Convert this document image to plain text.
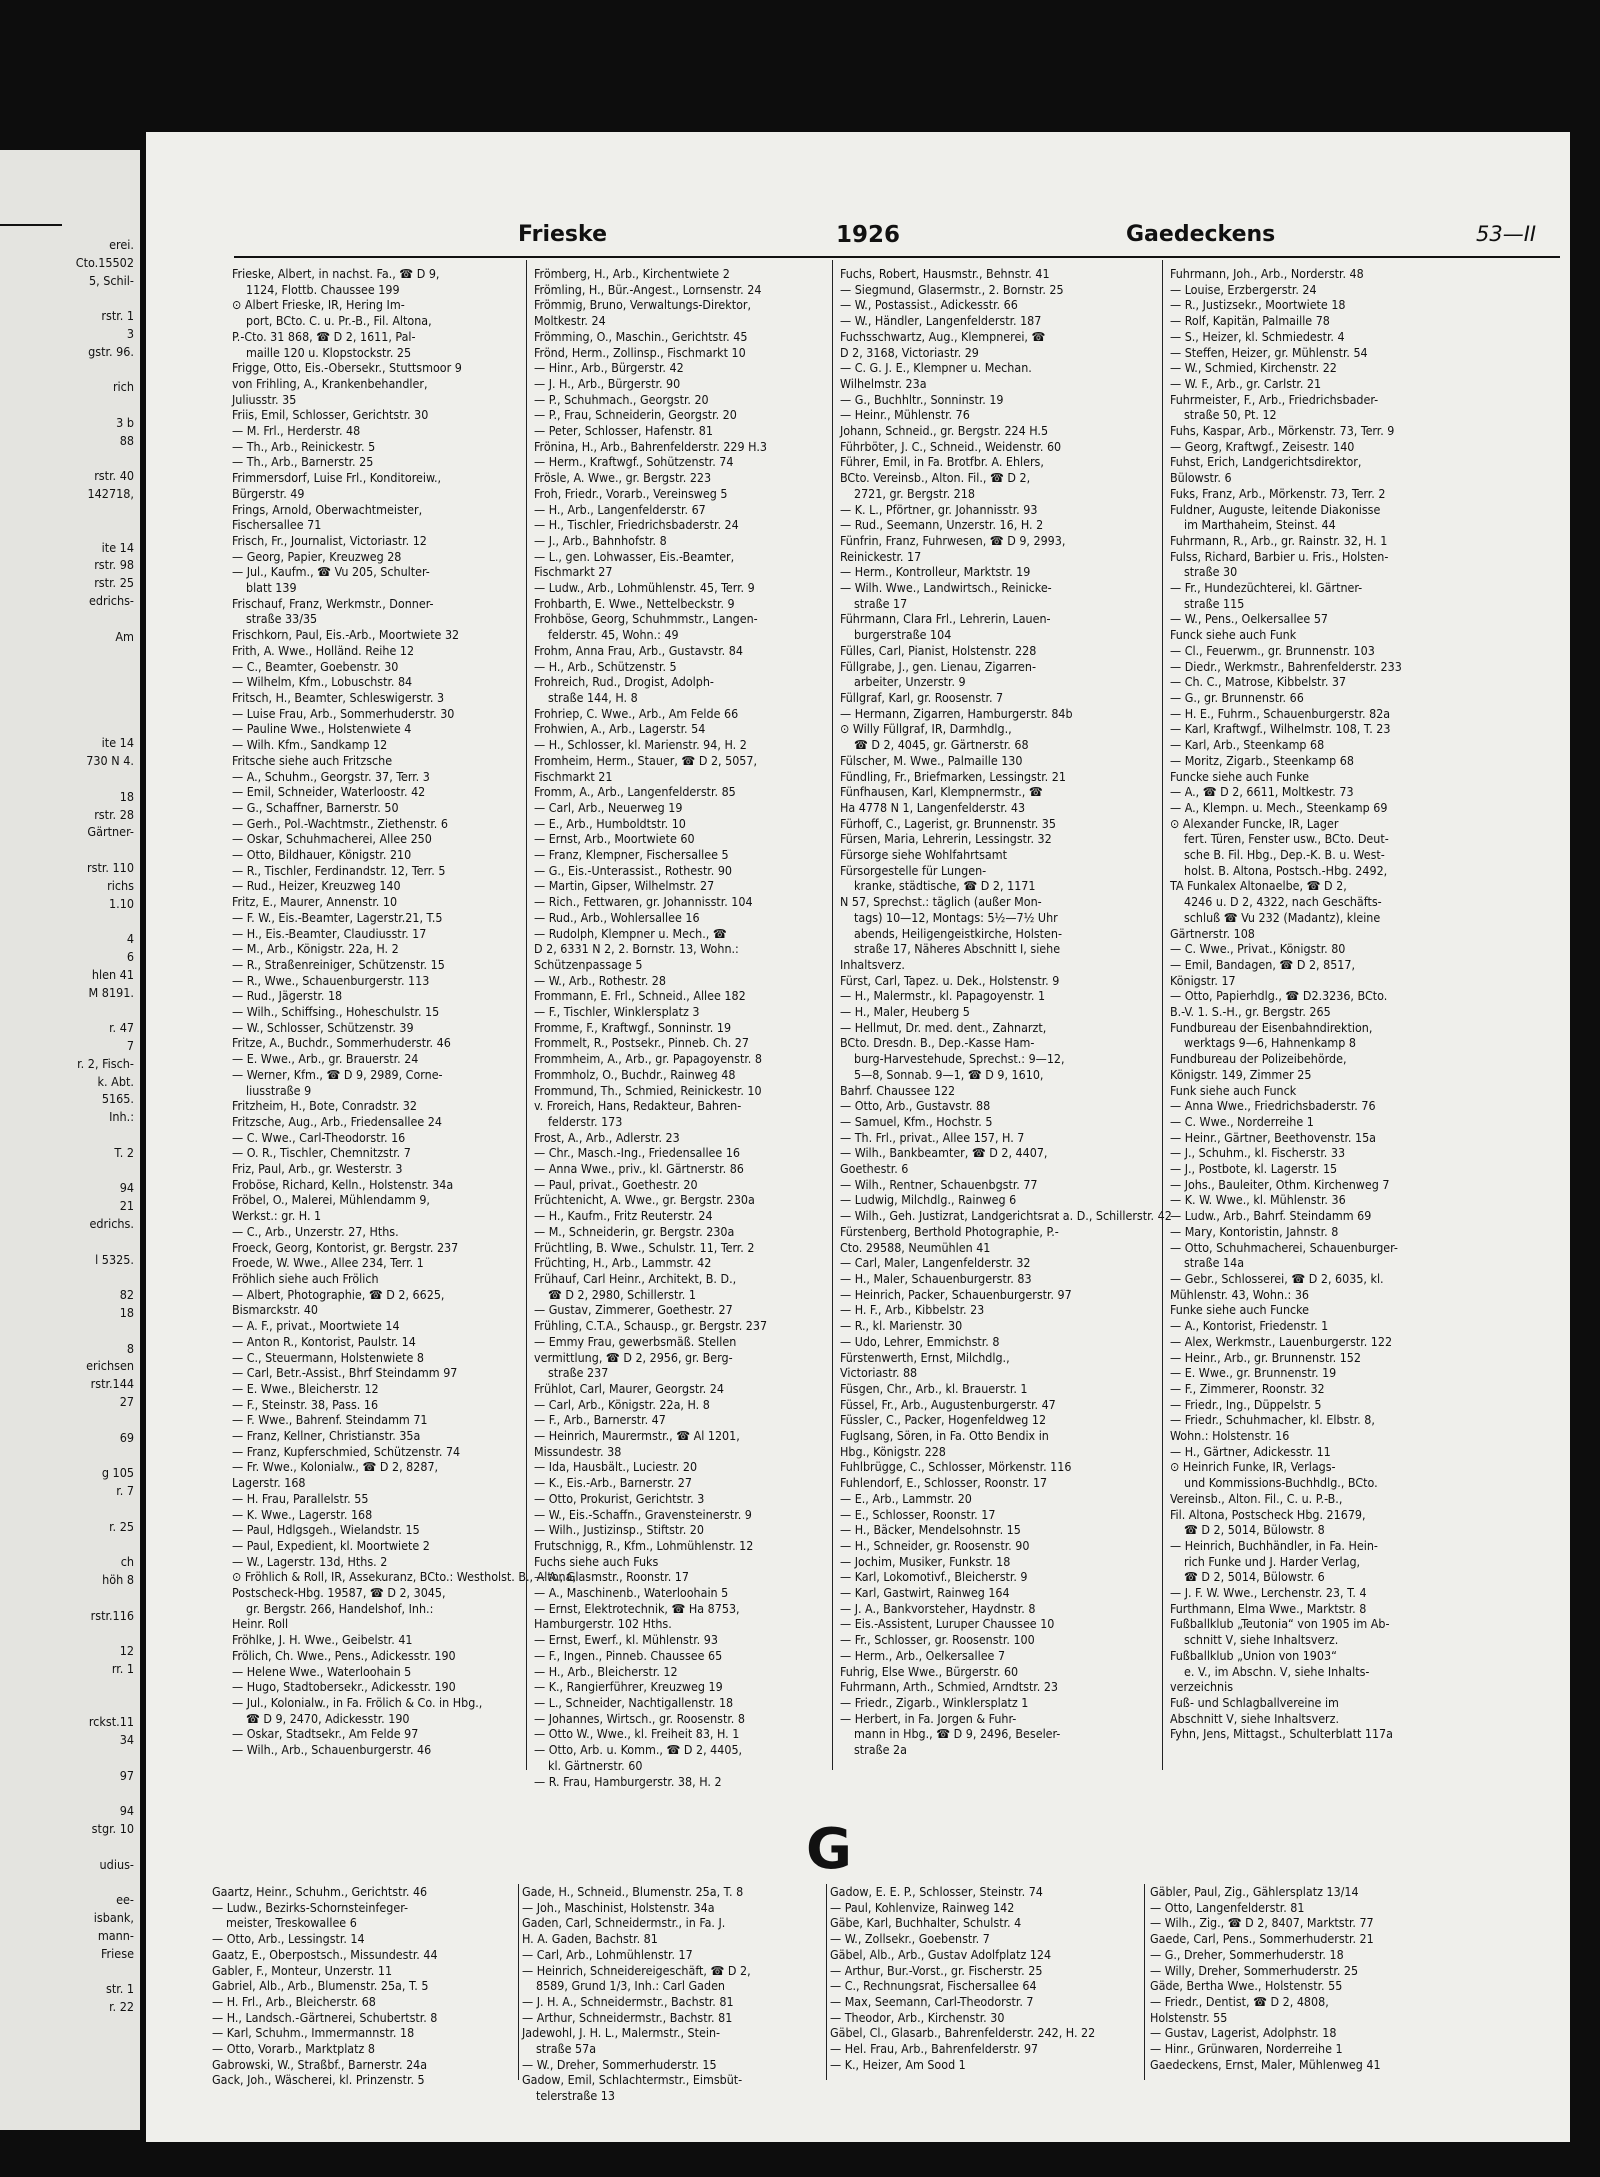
erei.
Cto.15502
5, Schil-
rstr. 1
3
gstr. 96.
rich
3 b
88
rstr. 40
142718,
ite 14
rstr. 98
rstr. 25
edrichs-
Am
ite 14
730 N 4.
18
rstr. 28
Gärtner-
rstr. 110
richs
1.10
4
6
hlen 41
M 8191.
r. 47
7
r. 2, Fisch-
k. Abt.
5165.
Inh.:
T. 2
94
21
edrichs.
l 5325.
82
18
8
erichsen
rstr.144
27
69
g 105
r. 7
r. 25
ch
höh 8
rstr.116
12
rr. 1
rckst.11
34
97
94
stgr. 10
udius-
ee-
isbank,
mann-
Friese
str. 1
r. 22
Frieske	1926	Gaedeckens	53—II
Frieske, Albert, in nachst. Fa., ☎ D 9,
1124, Flottb. Chaussee 199
⊙ Albert Frieske, IR, Hering Im-
port, BCto. C. u. Pr.-B., Fil. Altona,
P.-Cto. 31 868, ☎ D 2, 1611, Pal-
maille 120 u. Klopstockstr. 25
Frigge, Otto, Eis.-Obersekr., Stuttsmoor 9
von Frihling, A., Krankenbehandler,
Juliusstr. 35
Friis, Emil, Schlosser, Gerichtstr. 30
— M. Frl., Herderstr. 48
— Th., Arb., Reinickestr. 5
— Th., Arb., Barnerstr. 25
Frimmersdorf, Luise Frl., Konditoreiw.,
Bürgerstr. 49
Frings, Arnold, Oberwachtmeister,
Fischersallee 71
Frisch, Fr., Journalist, Victoriastr. 12
— Georg, Papier, Kreuzweg 28
— Jul., Kaufm., ☎ Vu 205, Schulter-
blatt 139
Frischauf, Franz, Werkmstr., Donner-
straße 33/35
Frischkorn, Paul, Eis.-Arb., Moortwiete 32
Frith, A. Wwe., Holländ. Reihe 12
— C., Beamter, Goebenstr. 30
— Wilhelm, Kfm., Lobuschstr. 84
Fritsch, H., Beamter, Schleswigerstr. 3
— Luise Frau, Arb., Sommerhuderstr. 30
— Pauline Wwe., Holstenwiete 4
— Wilh. Kfm., Sandkamp 12
Fritsche siehe auch Fritzsche
— A., Schuhm., Georgstr. 37, Terr. 3
— Emil, Schneider, Waterloostr. 42
— G., Schaffner, Barnerstr. 50
— Gerh., Pol.-Wachtmstr., Ziethenstr. 6
— Oskar, Schuhmacherei, Allee 250
— Otto, Bildhauer, Königstr. 210
— R., Tischler, Ferdinandstr. 12, Terr. 5
— Rud., Heizer, Kreuzweg 140
Fritz, E., Maurer, Annenstr. 10
— F. W., Eis.-Beamter, Lagerstr.21, T.5
— H., Eis.-Beamter, Claudiusstr. 17
— M., Arb., Königstr. 22a, H. 2
— R., Straßenreiniger, Schützenstr. 15
— R., Wwe., Schauenburgerstr. 113
— Rud., Jägerstr. 18
— Wilh., Schiffsing., Hoheschulstr. 15
— W., Schlosser, Schützenstr. 39
Fritze, A., Buchdr., Sommerhuderstr. 46
— E. Wwe., Arb., gr. Brauerstr. 24
— Werner, Kfm., ☎ D 9, 2989, Corne-
liusstraße 9
Fritzheim, H., Bote, Conradstr. 32
Fritzsche, Aug., Arb., Friedensallee 24
— C. Wwe., Carl-Theodorstr. 16
— O. R., Tischler, Chemnitzstr. 7
Friz, Paul, Arb., gr. Westerstr. 3
Froböse, Richard, Kelln., Holstenstr. 34a
Fröbel, O., Malerei, Mühlendamm 9,
Werkst.: gr. H. 1
— C., Arb., Unzerstr. 27, Hths.
Froeck, Georg, Kontorist, gr. Bergstr. 237
Froede, W. Wwe., Allee 234, Terr. 1
Fröhlich siehe auch Frölich
— Albert, Photographie, ☎ D 2, 6625,
Bismarckstr. 40
— A. F., privat., Moortwiete 14
— Anton R., Kontorist, Paulstr. 14
— C., Steuermann, Holstenwiete 8
— Carl, Betr.-Assist., Bhrf Steindamm 97
— E. Wwe., Bleicherstr. 12
— F., Steinstr. 38, Pass. 16
— F. Wwe., Bahrenf. Steindamm 71
— Franz, Kellner, Christianstr. 35a
— Franz, Kupferschmied, Schützenstr. 74
— Fr. Wwe., Kolonialw., ☎ D 2, 8287,
Lagerstr. 168
— H. Frau, Parallelstr. 55
— K. Wwe., Lagerstr. 168
— Paul, Hdlgsgeh., Wielandstr. 15
— Paul, Expedient, kl. Moortwiete 2
— W., Lagerstr. 13d, Hths. 2
⊙ Fröhlich & Roll, IR, Assekuranz, BCto.: Westholst. B., Altona,
Postscheck-Hbg. 19587, ☎ D 2, 3045,
gr. Bergstr. 266, Handelshof, Inh.:
Heinr. Roll
Fröhlke, J. H. Wwe., Geibelstr. 41
Frölich, Ch. Wwe., Pens., Adickesstr. 190
— Helene Wwe., Waterloohain 5
— Hugo, Stadtobersekr., Adickesstr. 190
— Jul., Kolonialw., in Fa. Frölich & Co. in Hbg.,
☎ D 9, 2470, Adickesstr. 190
— Oskar, Stadtsekr., Am Felde 97
— Wilh., Arb., Schauenburgerstr. 46
Frömberg, H., Arb., Kirchentwiete 2
Frömling, H., Bür.-Angest., Lornsenstr. 24
Frömmig, Bruno, Verwaltungs-Direktor,
Moltkestr. 24
Frömming, O., Maschin., Gerichtstr. 45
Frönd, Herm., Zollinsp., Fischmarkt 10
— Hinr., Arb., Bürgerstr. 42
— J. H., Arb., Bürgerstr. 90
— P., Schuhmach., Georgstr. 20
— P., Frau, Schneiderin, Georgstr. 20
— Peter, Schlosser, Hafenstr. 81
Frönina, H., Arb., Bahrenfelderstr. 229 H.3
— Herm., Kraftwgf., Sohützenstr. 74
Frösle, A. Wwe., gr. Bergstr. 223
Froh, Friedr., Vorarb., Vereinsweg 5
— H., Arb., Langenfelderstr. 67
— H., Tischler, Friedrichsbaderstr. 24
— J., Arb., Bahnhofstr. 8
— L., gen. Lohwasser, Eis.-Beamter,
Fischmarkt 27
— Ludw., Arb., Lohmühlenstr. 45, Terr. 9
Frohbarth, E. Wwe., Nettelbeckstr. 9
Frohböse, Georg, Schuhmmstr., Langen-
felderstr. 45, Wohn.: 49
Frohm, Anna Frau, Arb., Gustavstr. 84
— H., Arb., Schützenstr. 5
Frohreich, Rud., Drogist, Adolph-
straße 144, H. 8
Frohriep, C. Wwe., Arb., Am Felde 66
Frohwien, A., Arb., Lagerstr. 54
— H., Schlosser, kl. Marienstr. 94, H. 2
Fromheim, Herm., Stauer, ☎ D 2, 5057,
Fischmarkt 21
Fromm, A., Arb., Langenfelderstr. 85
— Carl, Arb., Neuerweg 19
— E., Arb., Humboldtstr. 10
— Ernst, Arb., Moortwiete 60
— Franz, Klempner, Fischersallee 5
— G., Eis.-Unterassist., Rothestr. 90
— Martin, Gipser, Wilhelmstr. 27
— Rich., Fettwaren, gr. Johannisstr. 104
— Rud., Arb., Wohlersallee 16
— Rudolph, Klempner u. Mech., ☎
D 2, 6331 N 2, 2. Bornstr. 13, Wohn.:
Schützenpassage 5
— W., Arb., Rothestr. 28
Frommann, E. Frl., Schneid., Allee 182
— F., Tischler, Winklersplatz 3
Fromme, F., Kraftwgf., Sonninstr. 19
Frommelt, R., Postsekr., Pinneb. Ch. 27
Frommheim, A., Arb., gr. Papagoyenstr. 8
Frommholz, O., Buchdr., Rainweg 48
Frommund, Th., Schmied, Reinickestr. 10
v. Froreich, Hans, Redakteur, Bahren-
felderstr. 173
Frost, A., Arb., Adlerstr. 23
— Chr., Masch.-Ing., Friedensallee 16
— Anna Wwe., priv., kl. Gärtnerstr. 86
— Paul, privat., Goethestr. 20
Früchtenicht, A. Wwe., gr. Bergstr. 230a
— H., Kaufm., Fritz Reuterstr. 24
— M., Schneiderin, gr. Bergstr. 230a
Früchtling, B. Wwe., Schulstr. 11, Terr. 2
Früchting, H., Arb., Lammstr. 42
Frühauf, Carl Heinr., Architekt, B. D.,
☎ D 2, 2980, Schillerstr. 1
— Gustav, Zimmerer, Goethestr. 27
Frühling, C.T.A., Schausp., gr. Bergstr. 237
— Emmy Frau, gewerbsmäß. Stellen
vermittlung, ☎ D 2, 2956, gr. Berg-
straße 237
Frühlot, Carl, Maurer, Georgstr. 24
— Carl, Arb., Königstr. 22a, H. 8
— F., Arb., Barnerstr. 47
— Heinrich, Maurermstr., ☎ Al 1201,
Missundestr. 38
— Ida, Hausbält., Luciestr. 20
— K., Eis.-Arb., Barnerstr. 27
— Otto, Prokurist, Gerichtstr. 3
— W., Eis.-Schaffn., Gravensteinerstr. 9
— Wilh., Justizinsp., Stiftstr. 20
Frutschnigg, R., Kfm., Lohmühlenstr. 12
Fuchs siehe auch Fuks
— A., Glasmstr., Roonstr. 17
— A., Maschinenb., Waterloohain 5
— Ernst, Elektrotechnik, ☎ Ha 8753,
Hamburgerstr. 102 Hths.
— Ernst, Ewerf., kl. Mühlenstr. 93
— F., Ingen., Pinneb. Chaussee 65
— H., Arb., Bleicherstr. 12
— K., Rangierführer, Kreuzweg 19
— L., Schneider, Nachtigallenstr. 18
— Johannes, Wirtsch., gr. Roosenstr. 8
— Otto W., Wwe., kl. Freiheit 83, H. 1
— Otto, Arb. u. Komm., ☎ D 2, 4405,
kl. Gärtnerstr. 60
— R. Frau, Hamburgerstr. 38, H. 2
Fuchs, Robert, Hausmstr., Behnstr. 41
— Siegmund, Glasermstr., 2. Bornstr. 25
— W., Postassist., Adickesstr. 66
— W., Händler, Langenfelderstr. 187
Fuchsschwartz, Aug., Klempnerei, ☎
D 2, 3168, Victoriastr. 29
— C. G. J. E., Klempner u. Mechan.
Wilhelmstr. 23a
— G., Buchhltr., Sonninstr. 19
— Heinr., Mühlenstr. 76
Johann, Schneid., gr. Bergstr. 224 H.5
Führböter, J. C., Schneid., Weidenstr. 60
Führer, Emil, in Fa. Brotfbr. A. Ehlers,
BCto. Vereinsb., Alton. Fil., ☎ D 2,
2721, gr. Bergstr. 218
— K. L., Pförtner, gr. Johannisstr. 93
— Rud., Seemann, Unzerstr. 16, H. 2
Fünfrin, Franz, Fuhrwesen, ☎ D 9, 2993,
Reinickestr. 17
— Herm., Kontrolleur, Marktstr. 19
— Wilh. Wwe., Landwirtsch., Reinicke-
straße 17
Führmann, Clara Frl., Lehrerin, Lauen-
burgerstraße 104
Fülles, Carl, Pianist, Holstenstr. 228
Füllgrabe, J., gen. Lienau, Zigarren-
arbeiter, Unzerstr. 9
Füllgraf, Karl, gr. Roosenstr. 7
— Hermann, Zigarren, Hamburgerstr. 84b
⊙ Willy Füllgraf, IR, Darmhdlg.,
☎ D 2, 4045, gr. Gärtnerstr. 68
Fülscher, M. Wwe., Palmaille 130
Fündling, Fr., Briefmarken, Lessingstr. 21
Fünfhausen, Karl, Klempnermstr., ☎
Ha 4778 N 1, Langenfelderstr. 43
Fürhoff, C., Lagerist, gr. Brunnenstr. 35
Fürsen, Maria, Lehrerin, Lessingstr. 32
Fürsorge siehe Wohlfahrtsamt
Fürsorgestelle für Lungen-
kranke, städtische, ☎ D 2, 1171
N 57, Sprechst.: täglich (außer Mon-
tags) 10—12, Montags: 5½—7½ Uhr
abends, Heiligengeistkirche, Holsten-
straße 17, Näheres Abschnitt I, siehe
Inhaltsverz.
Fürst, Carl, Tapez. u. Dek., Holstenstr. 9
— H., Malermstr., kl. Papagoyenstr. 1
— H., Maler, Heuberg 5
— Hellmut, Dr. med. dent., Zahnarzt,
BCto. Dresdn. B., Dep.-Kasse Ham-
burg-Harvestehude, Sprechst.: 9—12,
5—8, Sonnab. 9—1, ☎ D 9, 1610,
Bahrf. Chaussee 122
— Otto, Arb., Gustavstr. 88
— Samuel, Kfm., Hochstr. 5
— Th. Frl., privat., Allee 157, H. 7
— Wilh., Bankbeamter, ☎ D 2, 4407,
Goethestr. 6
— Wilh., Rentner, Schauenbgstr. 77
— Ludwig, Milchdlg., Rainweg 6
— Wilh., Geh. Justizrat, Landgerichtsrat a. D., Schillerstr. 42
Fürstenberg, Berthold Photographie, P.-
Cto. 29588, Neumühlen 41
— Carl, Maler, Langenfelderstr. 32
— H., Maler, Schauenburgerstr. 83
— Heinrich, Packer, Schauenburgerstr. 97
— H. F., Arb., Kibbelstr. 23
— R., kl. Marienstr. 30
— Udo, Lehrer, Emmichstr. 8
Fürstenwerth, Ernst, Milchdlg.,
Victoriastr. 88
Füsgen, Chr., Arb., kl. Brauerstr. 1
Füssel, Fr., Arb., Augustenburgerstr. 47
Füssler, C., Packer, Hogenfeldweg 12
Fuglsang, Sören, in Fa. Otto Bendix in
Hbg., Königstr. 228
Fuhlbrügge, C., Schlosser, Mörkenstr. 116
Fuhlendorf, E., Schlosser, Roonstr. 17
— E., Arb., Lammstr. 20
— E., Schlosser, Roonstr. 17
— H., Bäcker, Mendelsohnstr. 15
— H., Schneider, gr. Roosenstr. 90
— Jochim, Musiker, Funkstr. 18
— Karl, Lokomotivf., Bleicherstr. 9
— Karl, Gastwirt, Rainweg 164
— J. A., Bankvorsteher, Haydnstr. 8
— Eis.-Assistent, Luruper Chaussee 10
— Fr., Schlosser, gr. Roosenstr. 100
— Herm., Arb., Oelkersallee 7
Fuhrig, Else Wwe., Bürgerstr. 60
Fuhrmann, Arth., Schmied, Arndtstr. 23
— Friedr., Zigarb., Winklersplatz 1
— Herbert, in Fa. Jorgen & Fuhr-
mann in Hbg., ☎ D 9, 2496, Beseler-
straße 2a
Fuhrmann, Joh., Arb., Norderstr. 48
— Louise, Erzbergerstr. 24
— R., Justizsekr., Moortwiete 18
— Rolf, Kapitän, Palmaille 78
— S., Heizer, kl. Schmiedestr. 4
— Steffen, Heizer, gr. Mühlenstr. 54
— W., Schmied, Kirchenstr. 22
— W. F., Arb., gr. Carlstr. 21
Fuhrmeister, F., Arb., Friedrichsbader-
straße 50, Pt. 12
Fuhs, Kaspar, Arb., Mörkenstr. 73, Terr. 9
— Georg, Kraftwgf., Zeisestr. 140
Fuhst, Erich, Landgerichtsdirektor,
Bülowstr. 6
Fuks, Franz, Arb., Mörkenstr. 73, Terr. 2
Fuldner, Auguste, leitende Diakonisse
im Marthaheim, Steinst. 44
Fuhrmann, R., Arb., gr. Rainstr. 32, H. 1
Fulss, Richard, Barbier u. Fris., Holsten-
straße 30
— Fr., Hundezüchterei, kl. Gärtner-
straße 115
— W., Pens., Oelkersallee 57
Funck siehe auch Funk
— Cl., Feuerwm., gr. Brunnenstr. 103
— Diedr., Werkmstr., Bahrenfelderstr. 233
— Ch. C., Matrose, Kibbelstr. 37
— G., gr. Brunnenstr. 66
— H. E., Fuhrm., Schauenburgerstr. 82a
— Karl, Kraftwgf., Wilhelmstr. 108, T. 23
— Karl, Arb., Steenkamp 68
— Moritz, Zigarb., Steenkamp 68
Funcke siehe auch Funke
— A., ☎ D 2, 6611, Moltkestr. 73
— A., Klempn. u. Mech., Steenkamp 69
⊙ Alexander Funcke, IR, Lager
fert. Türen, Fenster usw., BCto. Deut-
sche B. Fil. Hbg., Dep.-K. B. u. West-
holst. B. Altona, Postsch.-Hbg. 2492,
TA Funkalex Altonaelbe, ☎ D 2,
4246 u. D 2, 4322, nach Geschäfts-
schluß ☎ Vu 232 (Madantz), kleine
Gärtnerstr. 108
— C. Wwe., Privat., Königstr. 80
— Emil, Bandagen, ☎ D 2, 8517,
Königstr. 17
— Otto, Papierhdlg., ☎ D2.3236, BCto.
B.-V. 1. S.-H., gr. Bergstr. 265
Fundbureau der Eisenbahndirektion,
werktags 9—6, Hahnenkamp 8
Fundbureau der Polizeibehörde,
Königstr. 149, Zimmer 25
Funk siehe auch Funck
— Anna Wwe., Friedrichsbaderstr. 76
— C. Wwe., Norderreihe 1
— Heinr., Gärtner, Beethovenstr. 15a
— J., Schuhm., kl. Fischerstr. 33
— J., Postbote, kl. Lagerstr. 15
— Johs., Bauleiter, Othm. Kirchenweg 7
— K. W. Wwe., kl. Mühlenstr. 36
— Ludw., Arb., Bahrf. Steindamm 69
— Mary, Kontoristin, Jahnstr. 8
— Otto, Schuhmacherei, Schauenburger-
straße 14a
— Gebr., Schlosserei, ☎ D 2, 6035, kl.
Mühlenstr. 43, Wohn.: 36
Funke siehe auch Funcke
— A., Kontorist, Friedenstr. 1
— Alex, Werkmstr., Lauenburgerstr. 122
— Heinr., Arb., gr. Brunnenstr. 152
— E. Wwe., gr. Brunnenstr. 19
— F., Zimmerer, Roonstr. 32
— Friedr., Ing., Düppelstr. 5
— Friedr., Schuhmacher, kl. Elbstr. 8,
Wohn.: Holstenstr. 16
— H., Gärtner, Adickesstr. 11
⊙ Heinrich Funke, IR, Verlags-
und Kommissions-Buchhdlg., BCto.
Vereinsb., Alton. Fil., C. u. P.-B.,
Fil. Altona, Postscheck Hbg. 21679,
☎ D 2, 5014, Bülowstr. 8
— Heinrich, Buchhändler, in Fa. Hein-
rich Funke und J. Harder Verlag,
☎ D 2, 5014, Bülowstr. 6
— J. F. W. Wwe., Lerchenstr. 23, T. 4
Furthmann, Elma Wwe., Marktstr. 8
Fußballklub „Teutonia“ von 1905 im Ab-
schnitt V, siehe Inhaltsverz.
Fußballklub „Union von 1903“
e. V., im Abschn. V, siehe Inhalts-
verzeichnis
Fuß- und Schlagballvereine im
Abschnitt V, siehe Inhaltsverz.
Fyhn, Jens, Mittagst., Schulterblatt 117a
G
Gaartz, Heinr., Schuhm., Gerichtstr. 46
— Ludw., Bezirks-Schornsteinfeger-
meister, Treskowallee 6
— Otto, Arb., Lessingstr. 14
Gaatz, E., Oberpostsch., Missundestr. 44
Gabler, F., Monteur, Unzerstr. 11
Gabriel, Alb., Arb., Blumenstr. 25a, T. 5
— H. Frl., Arb., Bleicherstr. 68
— H., Landsch.-Gärtnerei, Schubertstr. 8
— Karl, Schuhm., Immermannstr. 18
— Otto, Vorarb., Marktplatz 8
Gabrowski, W., Straßbf., Barnerstr. 24a
Gack, Joh., Wäscherei, kl. Prinzenstr. 5
Gade, H., Schneid., Blumenstr. 25a, T. 8
— Joh., Maschinist, Holstenstr. 34a
Gaden, Carl, Schneidermstr., in Fa. J.
H. A. Gaden, Bachstr. 81
— Carl, Arb., Lohmühlenstr. 17
— Heinrich, Schneidereigeschäft, ☎ D 2,
8589, Grund 1/3, Inh.: Carl Gaden
— J. H. A., Schneidermstr., Bachstr. 81
— Arthur, Schneidermstr., Bachstr. 81
Jadewohl, J. H. L., Malermstr., Stein-
straße 57a
— W., Dreher, Sommerhuderstr. 15
Gadow, Emil, Schlachtermstr., Eimsbüt-
telerstraße 13
Gadow, E. E. P., Schlosser, Steinstr. 74
— Paul, Kohlenvize, Rainweg 142
Gäbe, Karl, Buchhalter, Schulstr. 4
— W., Zollsekr., Goebenstr. 7
Gäbel, Alb., Arb., Gustav Adolfplatz 124
— Arthur, Bur.-Vorst., gr. Fischerstr. 25
— C., Rechnungsrat, Fischersallee 64
— Max, Seemann, Carl-Theodorstr. 7
— Theodor, Arb., Kirchenstr. 30
Gäbel, Cl., Glasarb., Bahrenfelderstr. 242, H. 22
— Hel. Frau, Arb., Bahrenfelderstr. 97
— K., Heizer, Am Sood 1
Gäbler, Paul, Zig., Gählersplatz 13/14
— Otto, Langenfelderstr. 81
— Wilh., Zig., ☎ D 2, 8407, Marktstr. 77
Gaede, Carl, Pens., Sommerhuderstr. 21
— G., Dreher, Sommerhuderstr. 18
— Willy, Dreher, Sommerhuderstr. 25
Gäde, Bertha Wwe., Holstenstr. 55
— Friedr., Dentist, ☎ D 2, 4808,
Holstenstr. 55
— Gustav, Lagerist, Adolphstr. 18
— Hinr., Grünwaren, Norderreihe 1
Gaedeckens, Ernst, Maler, Mühlenweg 41
